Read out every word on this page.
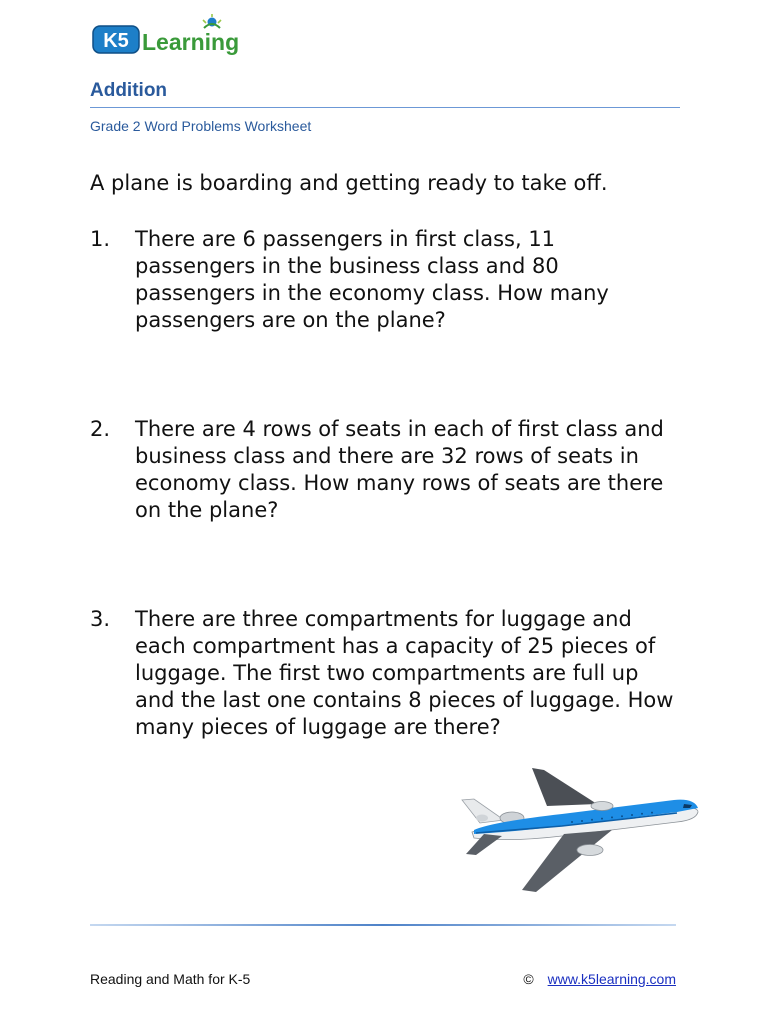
K5 Learning
Addition
Grade 2 Word Problems Worksheet
A plane is boarding and getting ready to take off.
1.	There are 6 passengers in first class, 11 passengers in the business class and 80 passengers in the economy class. How many passengers are on the plane?
2.	There are 4 rows of seats in each of first class and business class and there are 32 rows of seats in economy class. How many rows of seats are there on the plane?
3.	There are three compartments for luggage and each compartment has a capacity of 25 pieces of luggage. The first two compartments are full up and the last one contains 8 pieces of luggage. How many pieces of luggage are there?
Reading and Math for K-5	© www.k5learning.com
